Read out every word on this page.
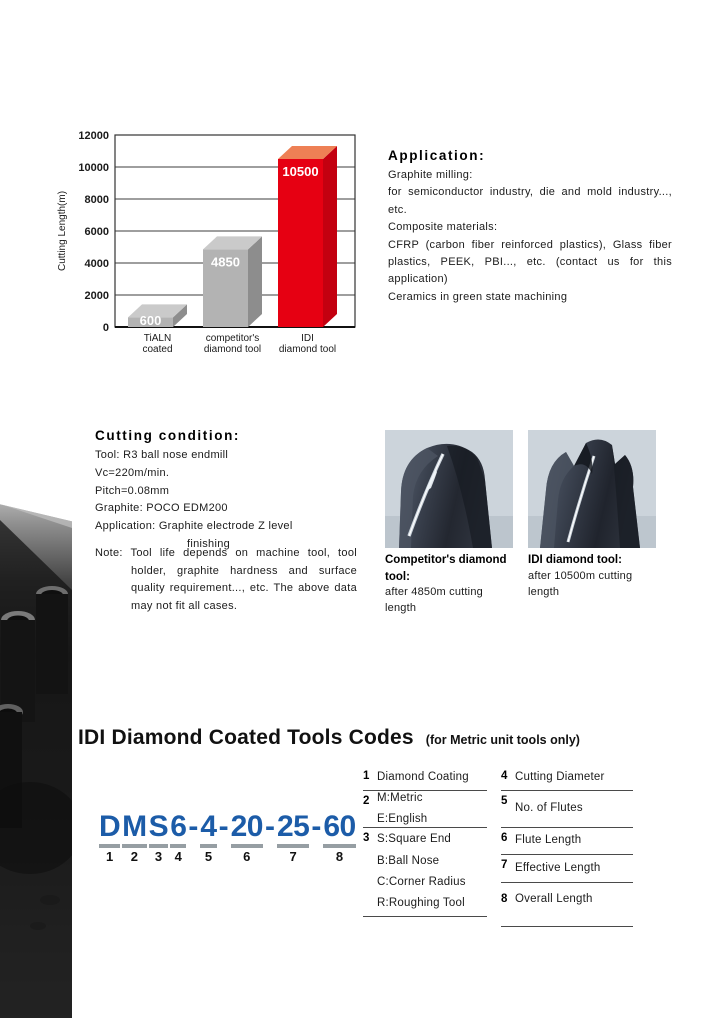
0
2000
4000
6000
8000
10000
12000
Cutting Length(m)
600
TiALN
coated
4850
competitor's
diamond tool
10500
IDI
diamond tool
Application:

Graphite milling:

for semiconductor industry, die and mold industry..., etc.

Composite materials:

CFRP (carbon fiber reinforced plastics), Glass fiber plastics, PEEK, PBI..., etc. (contact us for this application)

Ceramics in green state machining

Cutting condition:
Tool: R3 ball nose endmill
Vc=220m/min.
Pitch=0.08mm
Graphite: POCO EDM200
Application: Graphite electrode Z level
finishing

Note: Tool life depends on machine tool, tool holder, graphite hardness and surface quality requirement..., etc. The above data may not fit all cases.

Competitor's diamond tool:
after 4850m cutting length
IDI diamond tool:
after 10500m cutting length
IDI Diamond Coated Tools Codes (for Metric unit tools only)
D
1
M
2
S
3
6
4
- 4
5
- 20
6
- 25
7
- 60
8
1 Diamond Coating
2 M:Metric
E:English
3 S:Square End
B:Ball Nose
C:Corner Radius
R:Roughing Tool
4 Cutting Diameter
5
No. of Flutes
6 Flute Length
7 Effective Length
8 Overall Length
